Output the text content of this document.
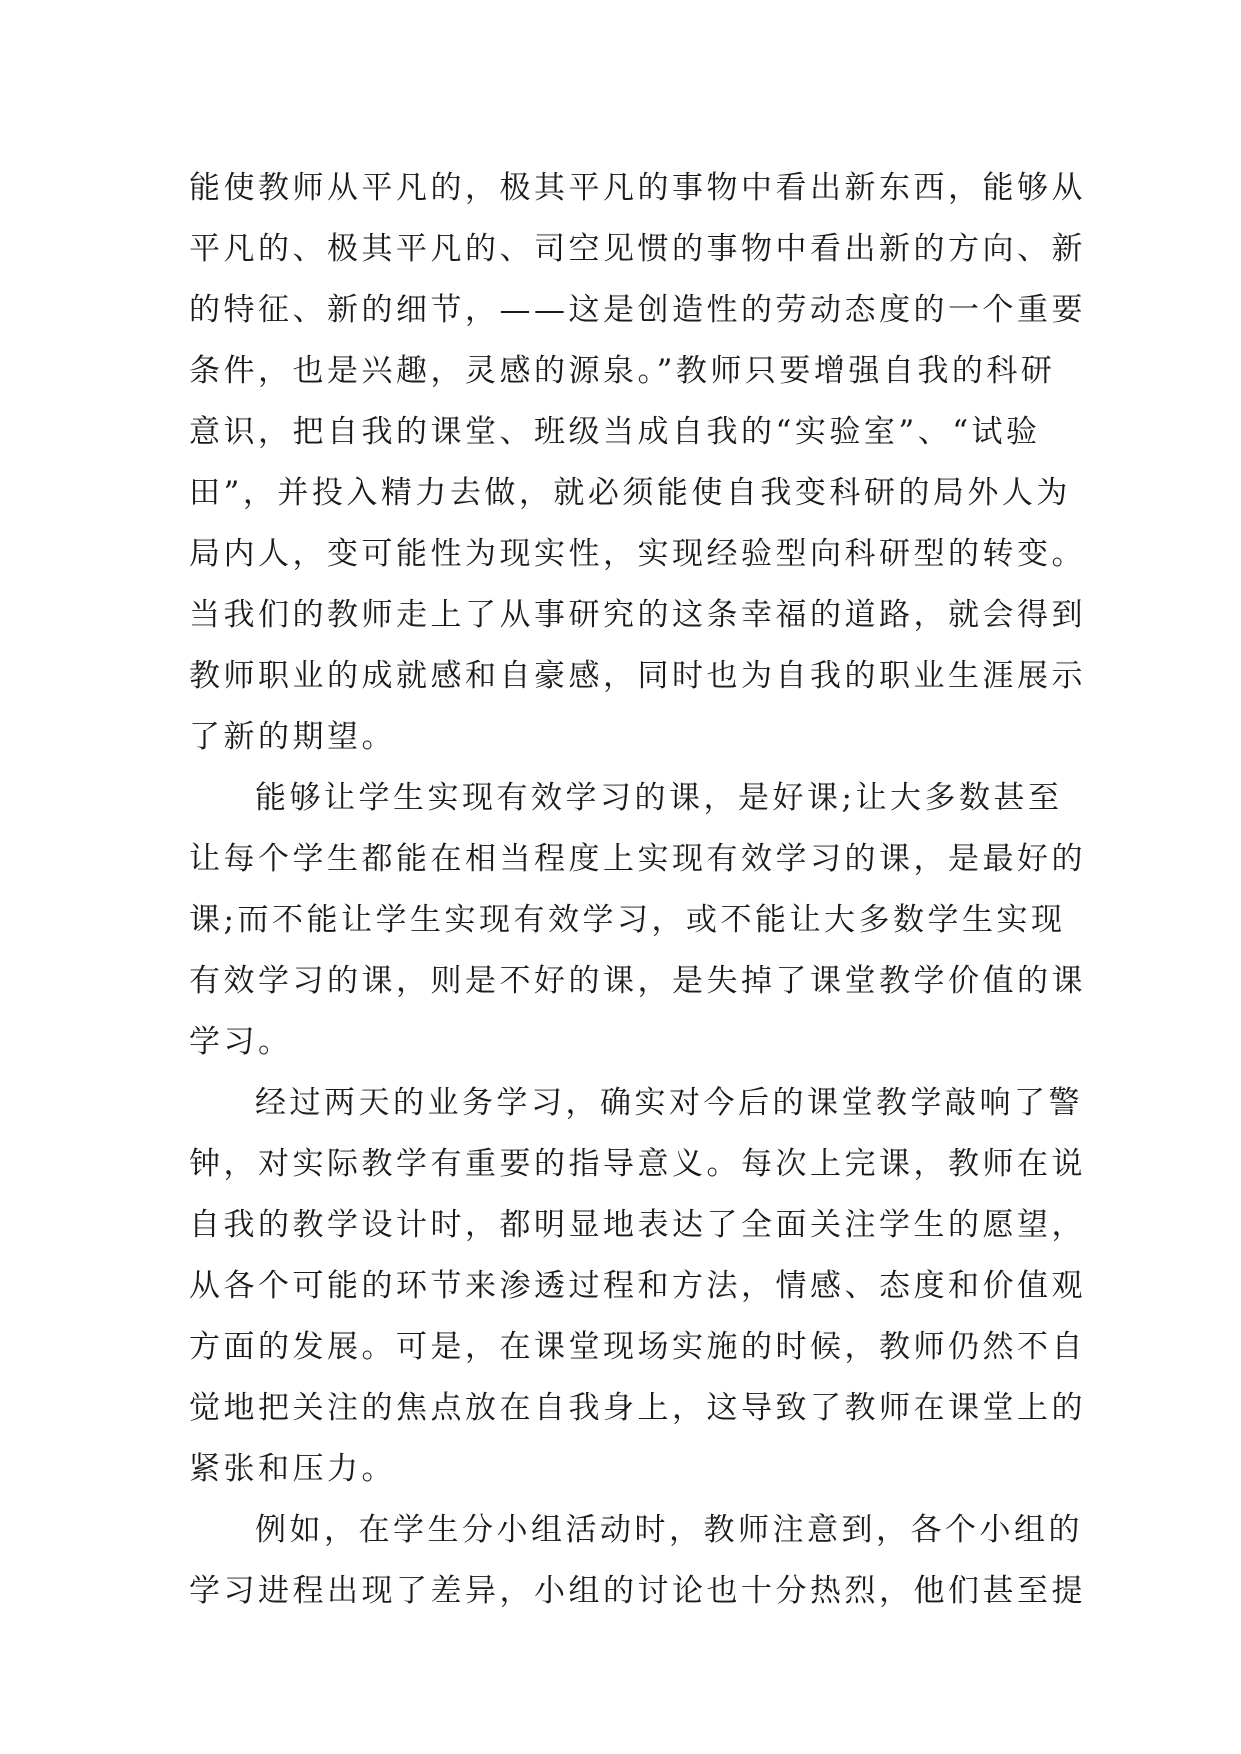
能使教师从平凡的，极其平凡的事物中看出新东西，能够从
平凡的、极其平凡的、司空见惯的事物中看出新的方向、新
的特征、新的细节，——这是创造性的劳动态度的一个重要
条件，也是兴趣，灵感的源泉。”教师只要增强自我的科研
意识，把自我的课堂、班级当成自我的“实验室”、“试验
田”，并投入精力去做，就必须能使自我变科研的局外人为
局内人，变可能性为现实性，实现经验型向科研型的转变。
当我们的教师走上了从事研究的这条幸福的道路，就会得到
教师职业的成就感和自豪感，同时也为自我的职业生涯展示
了新的期望。

能够让学生实现有效学习的课，是好课;让大多数甚至
让每个学生都能在相当程度上实现有效学习的课，是最好的
课;而不能让学生实现有效学习，或不能让大多数学生实现
有效学习的课，则是不好的课，是失掉了课堂教学价值的课
学习。

经过两天的业务学习，确实对今后的课堂教学敲响了警
钟，对实际教学有重要的指导意义。每次上完课，教师在说
自我的教学设计时，都明显地表达了全面关注学生的愿望，
从各个可能的环节来渗透过程和方法，情感、态度和价值观
方面的发展。可是，在课堂现场实施的时候，教师仍然不自
觉地把关注的焦点放在自我身上，这导致了教师在课堂上的
紧张和压力。

例如，在学生分小组活动时，教师注意到，各个小组的
学习进程出现了差异，小组的讨论也十分热烈，他们甚至提
